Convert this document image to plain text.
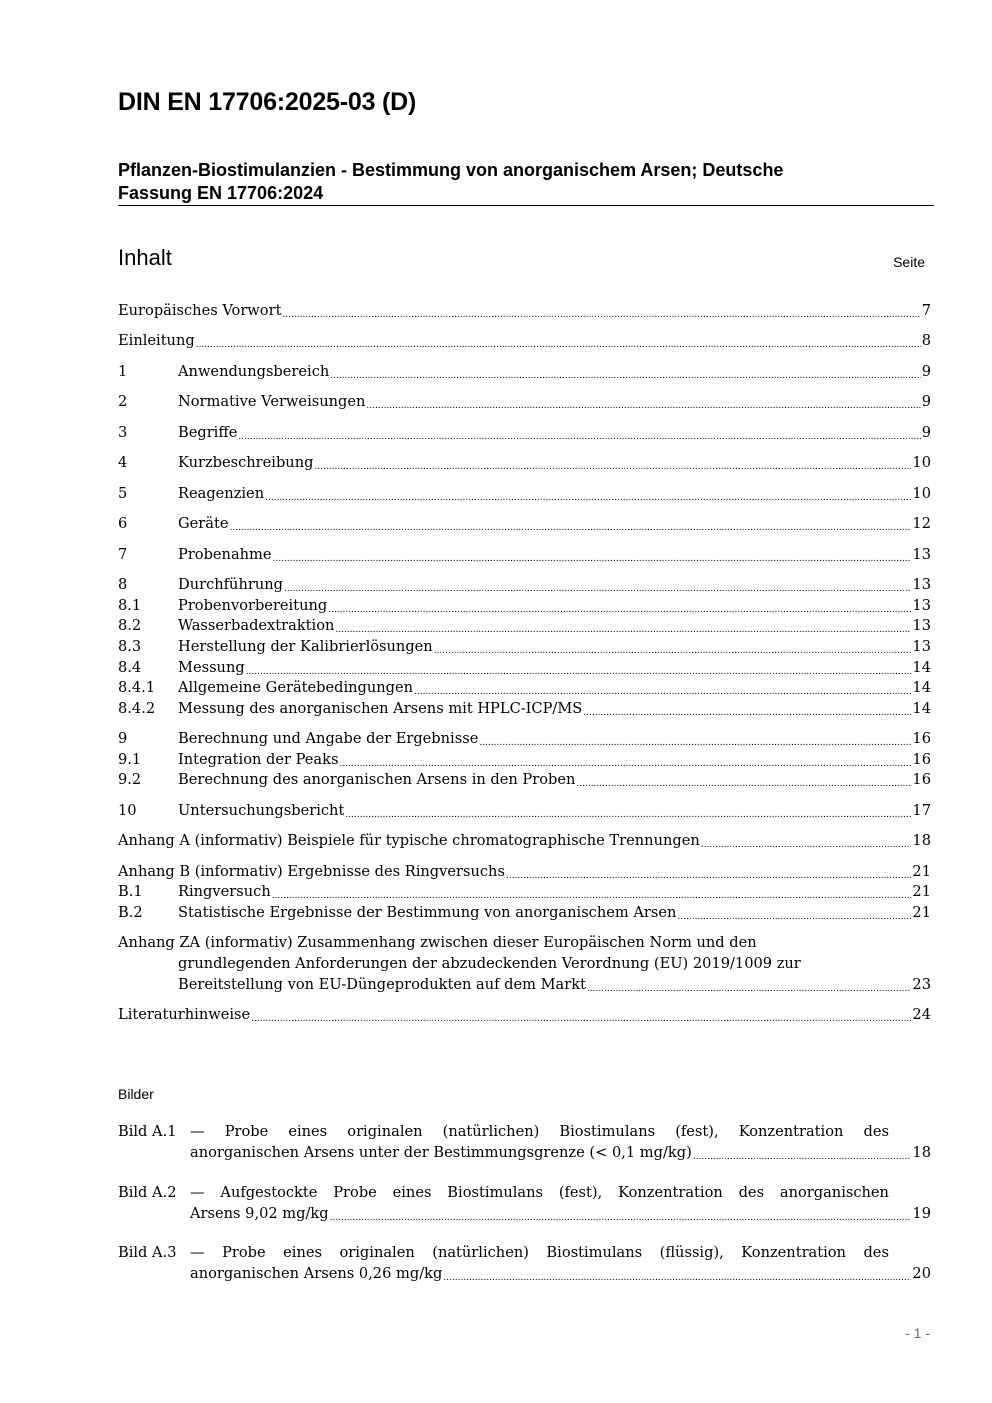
DIN EN 17706:2025-03 (D)
Pflanzen-Biostimulanzien - Bestimmung von anorganischem Arsen; Deutsche
Fassung EN 17706:2024
Inhalt	Seite
Europäisches Vorwort .....	7
Einleitung .....	8
1	Anwendungsbereich .....	9
2	Normative Verweisungen .....	9
3	Begriffe .....	9
4	Kurzbeschreibung .....	10
5	Reagenzien .....	10
6	Geräte .....	12
7	Probenahme .....	13
8	Durchführung .....	13
8.1	Probenvorbereitung .....	13
8.2	Wasserbadextraktion .....	13
8.3	Herstellung der Kalibrierlösungen .....	13
8.4	Messung .....	14
8.4.1	Allgemeine Gerätebedingungen .....	14
8.4.2	Messung des anorganischen Arsens mit HPLC-ICP/MS .....	14
9	Berechnung und Angabe der Ergebnisse .....	16
9.1	Integration der Peaks .....	16
9.2	Berechnung des anorganischen Arsens in den Proben .....	16
10	Untersuchungsbericht .....	17
Anhang A (informativ) Beispiele für typische chromatographische Trennungen .....	18
Anhang B (informativ) Ergebnisse des Ringversuchs .....	21
B.1	Ringversuch .....	21
B.2	Statistische Ergebnisse der Bestimmung von anorganischem Arsen .....	21
Anhang ZA (informativ) Zusammenhang zwischen dieser Europäischen Norm und den
grundlegenden Anforderungen der abzudeckenden Verordnung (EU) 2019/1009 zur
Bereitstellung von EU-Düngeprodukten auf dem Markt .....	23
Literaturhinweise .....	24
Bilder
Bild A.1 — Probe eines originalen (natürlichen) Biostimulans (fest), Konzentration des
anorganischen Arsens unter der Bestimmungsgrenze (< 0,1 mg/kg) .....	18
Bild A.2 — Aufgestockte Probe eines Biostimulans (fest), Konzentration des anorganischen
Arsens 9,02 mg/kg .....	19
Bild A.3 — Probe eines originalen (natürlichen) Biostimulans (flüssig), Konzentration des
anorganischen Arsens 0,26 mg/kg .....	20
- 1 -
